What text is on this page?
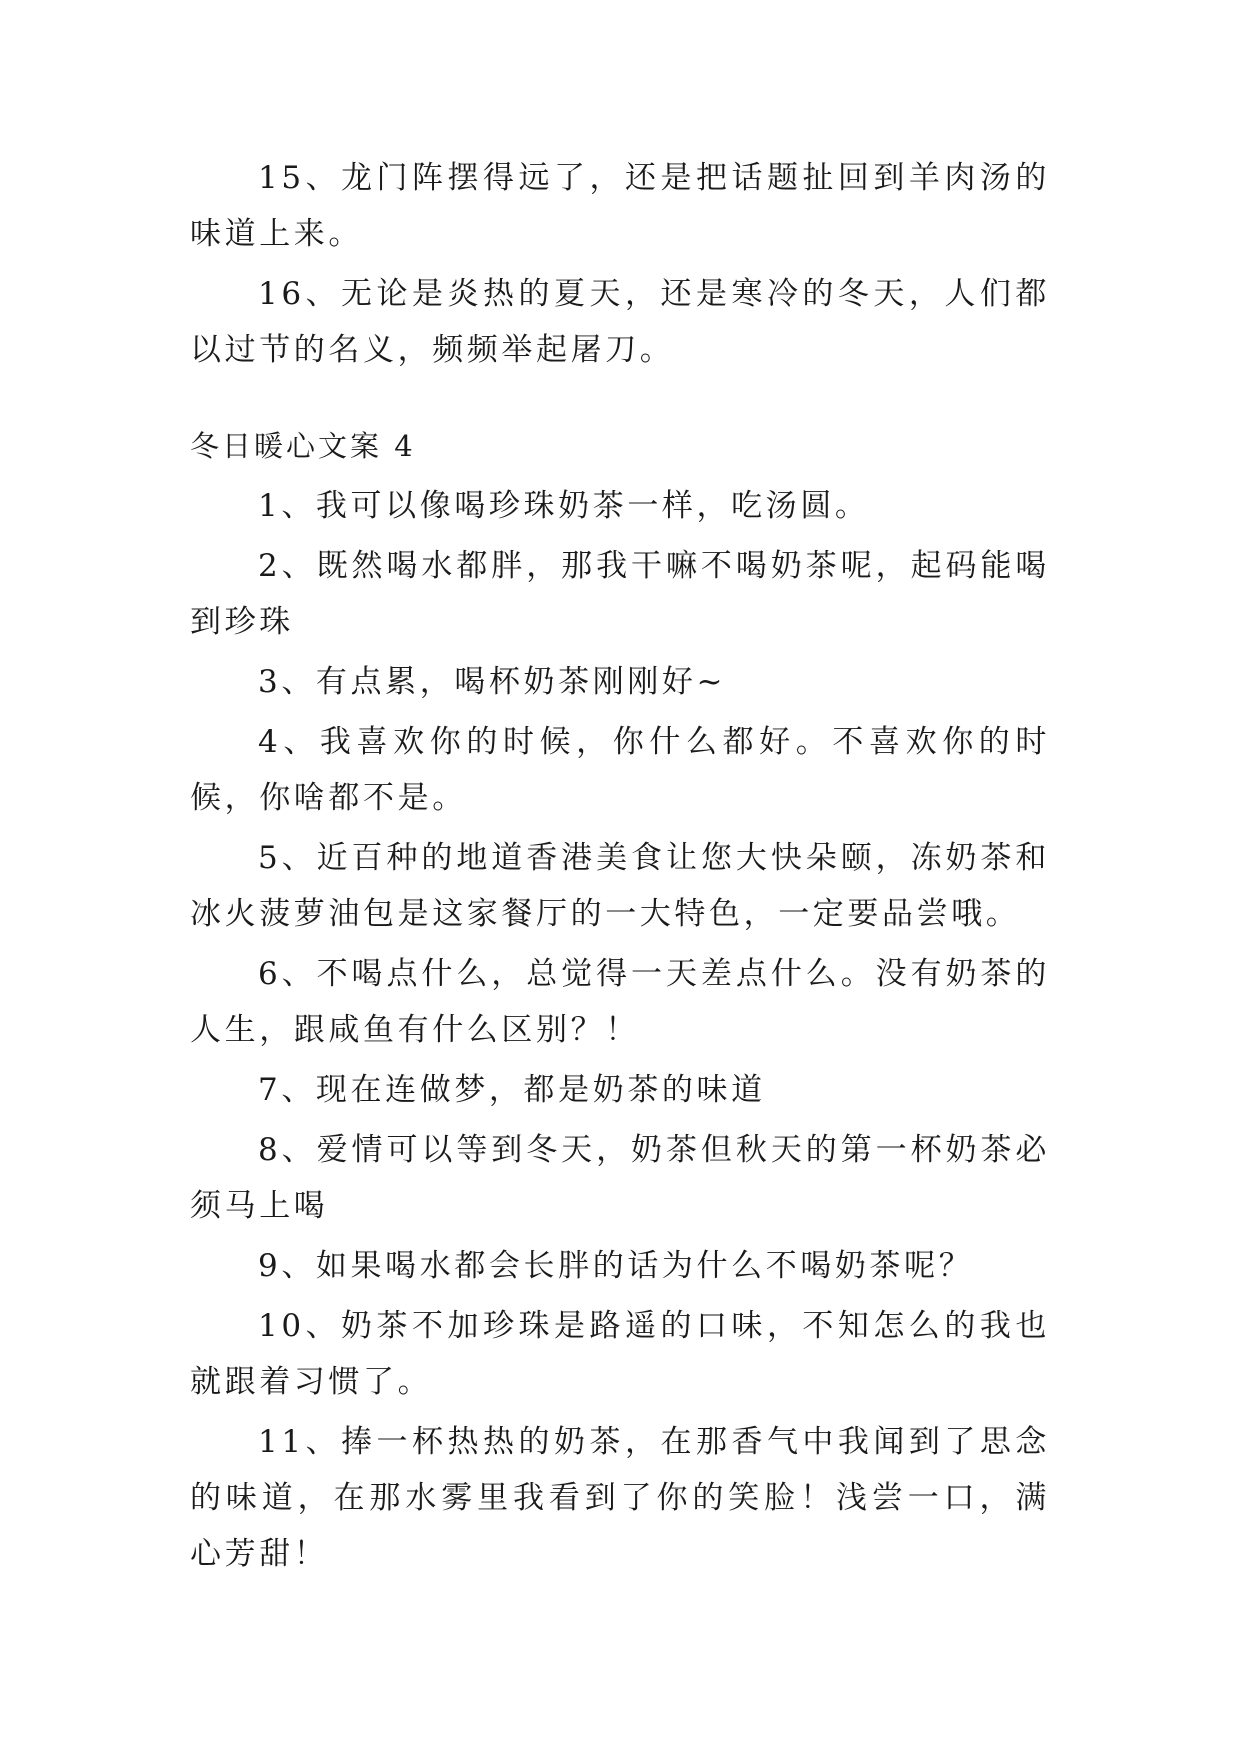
15、龙门阵摆得远了，还是把话题扯回到羊肉汤的味道上来。

16、无论是炎热的夏天，还是寒冷的冬天，人们都以过节的名义，频频举起屠刀。

冬日暖心文案 4

1、我可以像喝珍珠奶茶一样，吃汤圆。

2、既然喝水都胖，那我干嘛不喝奶茶呢，起码能喝到珍珠

3、有点累，喝杯奶茶刚刚好~

4、我喜欢你的时候，你什么都好。不喜欢你的时候，你啥都不是。

5、近百种的地道香港美食让您大快朵颐，冻奶茶和冰火菠萝油包是这家餐厅的一大特色，一定要品尝哦。

6、不喝点什么，总觉得一天差点什么。没有奶茶的人生，跟咸鱼有什么区别？！

7、现在连做梦，都是奶茶的味道

8、爱情可以等到冬天，奶茶但秋天的第一杯奶茶必须马上喝

9、如果喝水都会长胖的话为什么不喝奶茶呢？

10、奶茶不加珍珠是路遥的口味，不知怎么的我也就跟着习惯了。

11、捧一杯热热的奶茶，在那香气中我闻到了思念的味道，在那水雾里我看到了你的笑脸！浅尝一口，满心芳甜！
